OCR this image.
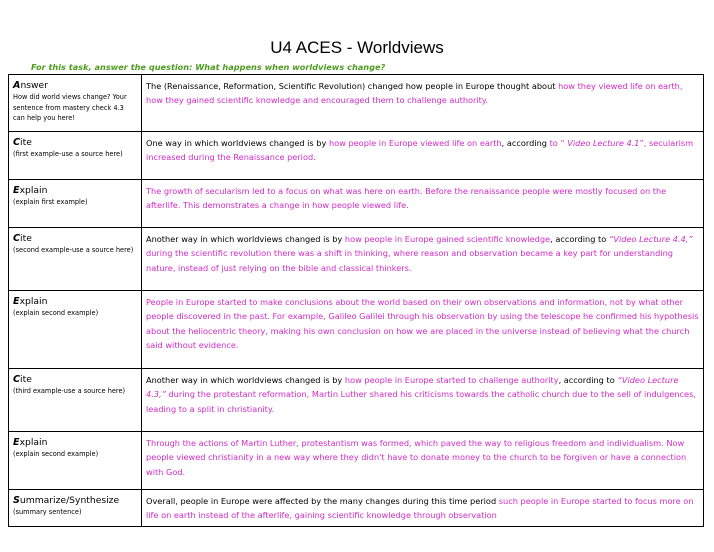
U4 ACES - Worldviews
For this task, answer the question: What happens when worldviews change?
Answer
How did world views change? Your sentence from mastery check 4.3 can help you here!	The (Renaissance, Reformation, Scientific Revolution) changed how people in Europe thought about how they viewed life on earth, how they gained scientific knowledge and encouraged them to challenge authority.

Cite
(first example-use a source here)	One way in which worldviews changed is by how people in Europe viewed life on earth, according to “ Video Lecture 4.1”, secularism increased during the Renaissance period.

Explain
(explain first example)	The growth of secularism led to a focus on what was here on earth. Before the renaissance people were mostly focused on the afterlife. This demonstrates a change in how people viewed life.

Cite
(second example-use a source here)	Another way in which worldviews changed is by how people in Europe gained scientific knowledge, according to “Video Lecture 4.4,” during the scientific revolution there was a shift in thinking, where reason and observation became a key part for understanding nature, instead of just relying on the bible and classical thinkers.

Explain
(explain second example)	People in Europe started to make conclusions about the world based on their own observations and information, not by what other people discovered in the past. For example, Galileo Galilei through his observation by using the telescope he confirmed his hypothesis about the heliocentric theory, making his own conclusion on how we are placed in the universe instead of believing what the church said without evidence.

Cite
(third example-use a source here)	Another way in which worldviews changed is by how people in Europe started to challenge authority, according to “Video Lecture 4.3,” during the protestant reformation, Martin Luther shared his criticisms towards the catholic church due to the sell of indulgences, leading to a split in christianity.

Explain
(explain second example)	Through the actions of Martin Luther, protestantism was formed, which paved the way to religious freedom and individualism. Now people viewed christianity in a new way where they didn't have to donate money to the church to be forgiven or have a connection with God.

Summarize/Synthesize
(summary sentence)	Overall, people in Europe were affected by the many changes during this time period such people in Europe started to focus more on life on earth instead of the afterlife, gaining scientific knowledge through observation
